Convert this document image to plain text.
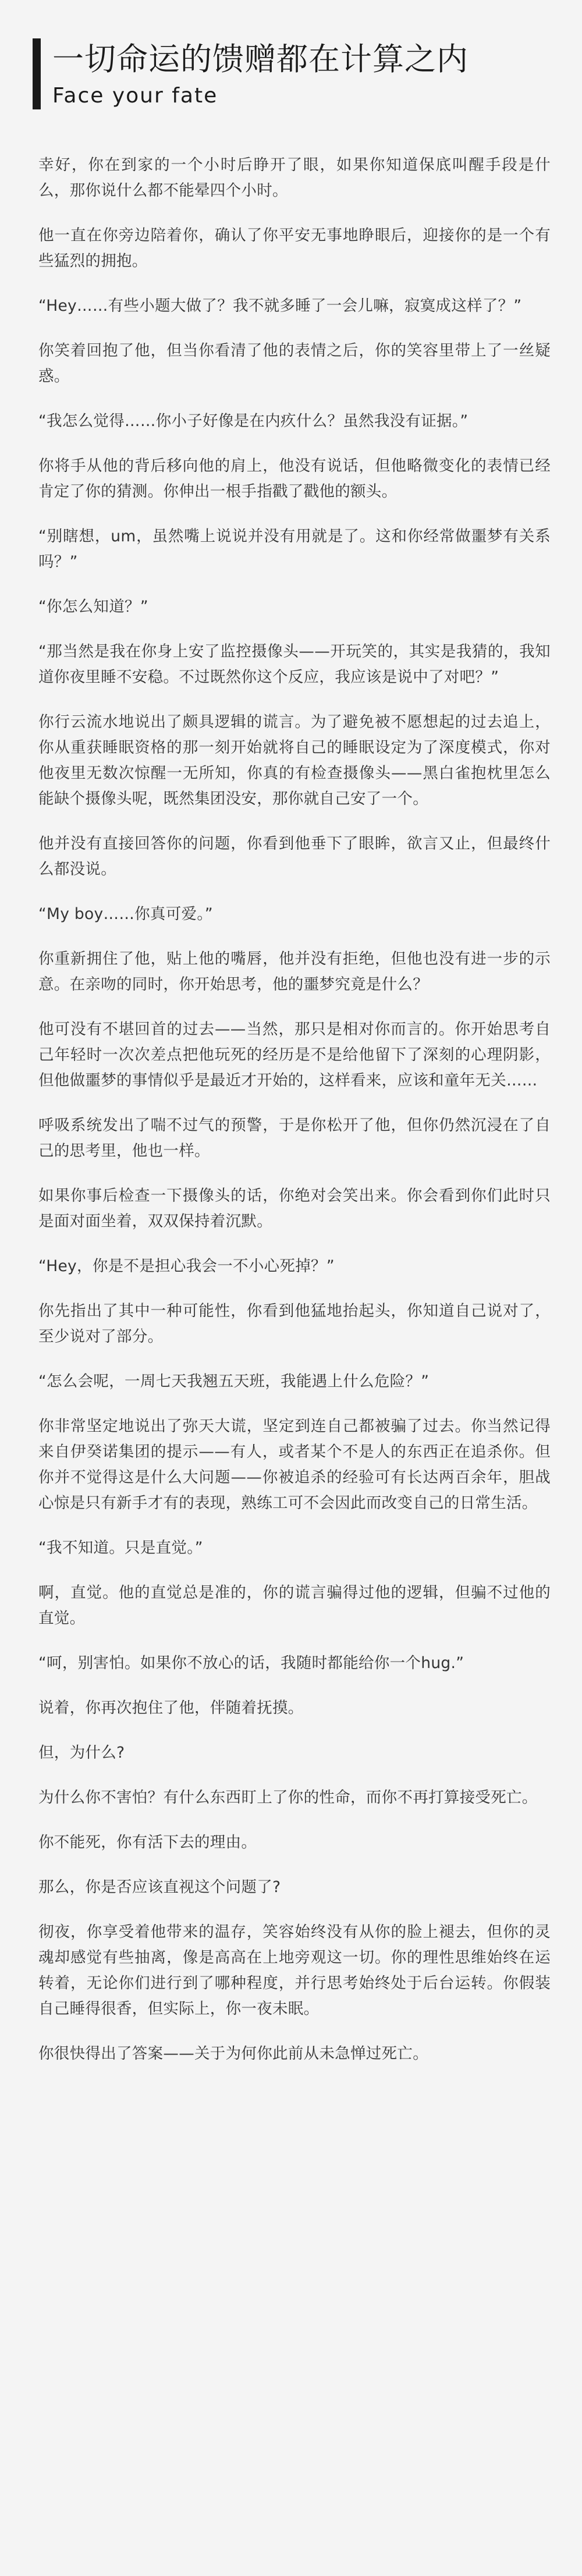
一切命运的馈赠都在计算之内
Face your fate

幸好，你在到家的一个小时后睁开了眼，如果你知道保底叫醒手段是什么，那你说什么都不能晕四个小时。

他一直在你旁边陪着你，确认了你平安无事地睁眼后，迎接你的是一个有些猛烈的拥抱。

“Hey……有些小题大做了？我不就多睡了一会儿嘛，寂寞成这样了？”

你笑着回抱了他，但当你看清了他的表情之后，你的笑容里带上了一丝疑惑。

“我怎么觉得……你小子好像是在内疚什么？虽然我没有证据。”

你将手从他的背后移向他的肩上，他没有说话，但他略微变化的表情已经肯定了你的猜测。你伸出一根手指戳了戳他的额头。

“别瞎想，um，虽然嘴上说说并没有用就是了。这和你经常做噩梦有关系吗？”

“你怎么知道？”

“那当然是我在你身上安了监控摄像头——开玩笑的，其实是我猜的，我知道你夜里睡不安稳。不过既然你这个反应，我应该是说中了对吧？”

你行云流水地说出了颇具逻辑的谎言。为了避免被不愿想起的过去追上，你从重获睡眠资格的那一刻开始就将自己的睡眠设定为了深度模式，你对他夜里无数次惊醒一无所知，你真的有检查摄像头——黑白雀抱枕里怎么能缺个摄像头呢，既然集团没安，那你就自己安了一个。

他并没有直接回答你的问题，你看到他垂下了眼眸，欲言又止，但最终什么都没说。

“My boy……你真可爱。”

你重新拥住了他，贴上他的嘴唇，他并没有拒绝，但他也没有进一步的示意。在亲吻的同时，你开始思考，他的噩梦究竟是什么？

他可没有不堪回首的过去——当然，那只是相对你而言的。你开始思考自己年轻时一次次差点把他玩死的经历是不是给他留下了深刻的心理阴影，但他做噩梦的事情似乎是最近才开始的，这样看来，应该和童年无关……

呼吸系统发出了喘不过气的预警，于是你松开了他，但你仍然沉浸在了自己的思考里，他也一样。

如果你事后检查一下摄像头的话，你绝对会笑出来。你会看到你们此时只是面对面坐着，双双保持着沉默。

“Hey，你是不是担心我会一不小心死掉？”

你先指出了其中一种可能性，你看到他猛地抬起头，你知道自己说对了，至少说对了部分。

“怎么会呢，一周七天我翘五天班，我能遇上什么危险？”

你非常坚定地说出了弥天大谎，坚定到连自己都被骗了过去。你当然记得来自伊癸诺集团的提示——有人，或者某个不是人的东西正在追杀你。但你并不觉得这是什么大问题——你被追杀的经验可有长达两百余年，胆战心惊是只有新手才有的表现，熟练工可不会因此而改变自己的日常生活。

“我不知道。只是直觉。”

啊，直觉。他的直觉总是准的，你的谎言骗得过他的逻辑，但骗不过他的直觉。

“呵，别害怕。如果你不放心的话，我随时都能给你一个hug.”

说着，你再次抱住了他，伴随着抚摸。

但，为什么?

为什么你不害怕？有什么东西盯上了你的性命，而你不再打算接受死亡。

你不能死，你有活下去的理由。

那么，你是否应该直视这个问题了?

彻夜，你享受着他带来的温存，笑容始终没有从你的脸上褪去，但你的灵魂却感觉有些抽离，像是高高在上地旁观这一切。你的理性思维始终在运转着，无论你们进行到了哪种程度，并行思考始终处于后台运转。你假装自己睡得很香，但实际上，你一夜未眠。

你很快得出了答案——关于为何你此前从未急惮过死亡。
